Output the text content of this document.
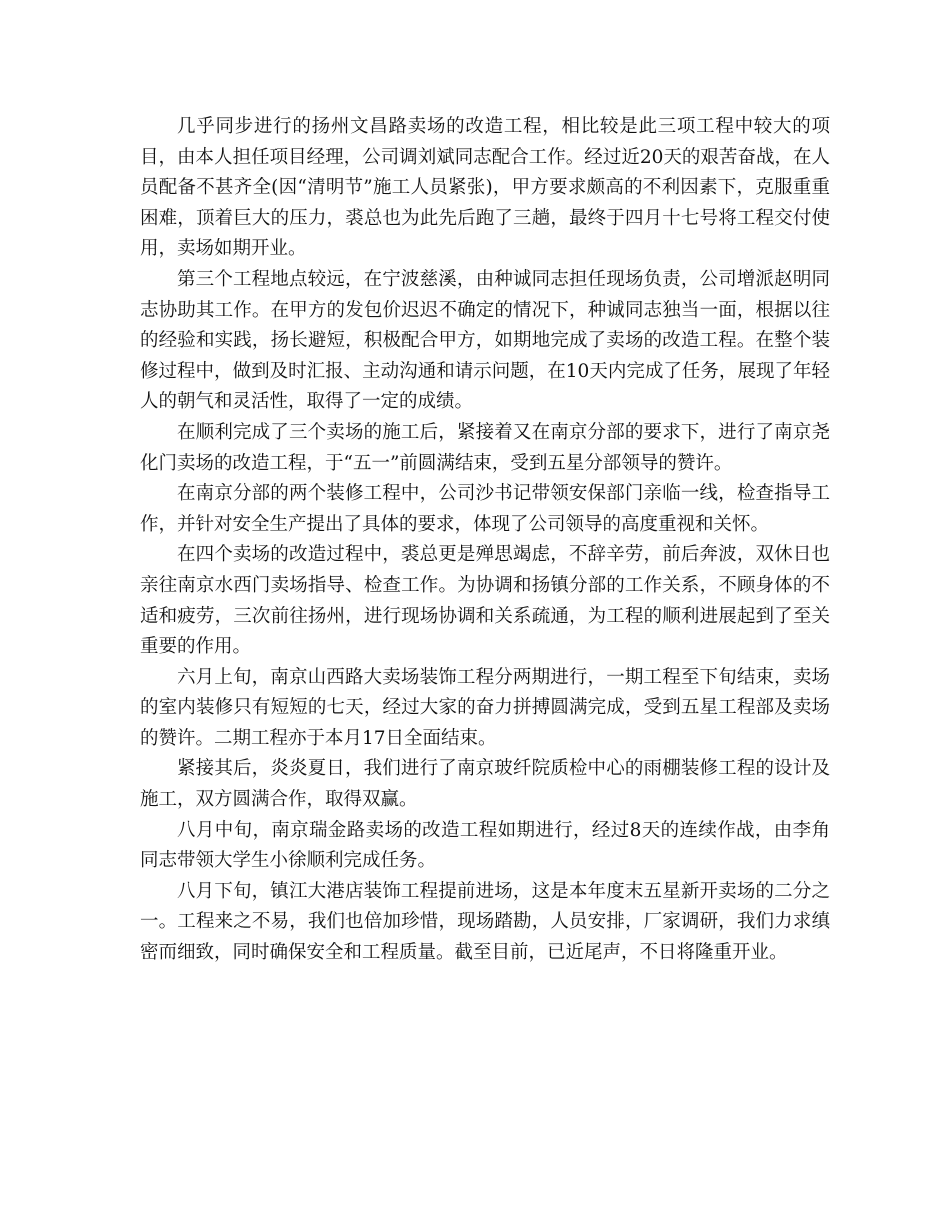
几乎同步进行的扬州文昌路卖场的改造工程，相比较是此三项工程中较大的项目，由本人担任项目经理，公司调刘斌同志配合工作。经过近20天的艰苦奋战，在人员配备不甚齐全(因“清明节”施工人员紧张)，甲方要求颇高的不利因素下，克服重重困难，顶着巨大的压力，裘总也为此先后跑了三趟，最终于四月十七号将工程交付使用，卖场如期开业。

第三个工程地点较远，在宁波慈溪，由种诚同志担任现场负责，公司增派赵明同志协助其工作。在甲方的发包价迟迟不确定的情况下，种诚同志独当一面，根据以往的经验和实践，扬长避短，积极配合甲方，如期地完成了卖场的改造工程。在整个装修过程中，做到及时汇报、主动沟通和请示问题，在10天内完成了任务，展现了年轻人的朝气和灵活性，取得了一定的成绩。

在顺利完成了三个卖场的施工后，紧接着又在南京分部的要求下，进行了南京尧化门卖场的改造工程，于“五一”前圆满结束，受到五星分部领导的赞许。

在南京分部的两个装修工程中，公司沙书记带领安保部门亲临一线，检查指导工作，并针对安全生产提出了具体的要求，体现了公司领导的高度重视和关怀。

在四个卖场的改造过程中，裘总更是殚思竭虑，不辞辛劳，前后奔波，双休日也亲往南京水西门卖场指导、检查工作。为协调和扬镇分部的工作关系，不顾身体的不适和疲劳，三次前往扬州，进行现场协调和关系疏通，为工程的顺利进展起到了至关重要的作用。

六月上旬，南京山西路大卖场装饰工程分两期进行，一期工程至下旬结束，卖场的室内装修只有短短的七天，经过大家的奋力拼搏圆满完成，受到五星工程部及卖场的赞许。二期工程亦于本月17日全面结束。

紧接其后，炎炎夏日，我们进行了南京玻纤院质检中心的雨棚装修工程的设计及施工，双方圆满合作，取得双赢。

八月中旬，南京瑞金路卖场的改造工程如期进行，经过8天的连续作战，由李角同志带领大学生小徐顺利完成任务。

八月下旬，镇江大港店装饰工程提前进场，这是本年度末五星新开卖场的二分之一。工程来之不易，我们也倍加珍惜，现场踏勘，人员安排，厂家调研，我们力求缜密而细致，同时确保安全和工程质量。截至目前，已近尾声，不日将隆重开业。
